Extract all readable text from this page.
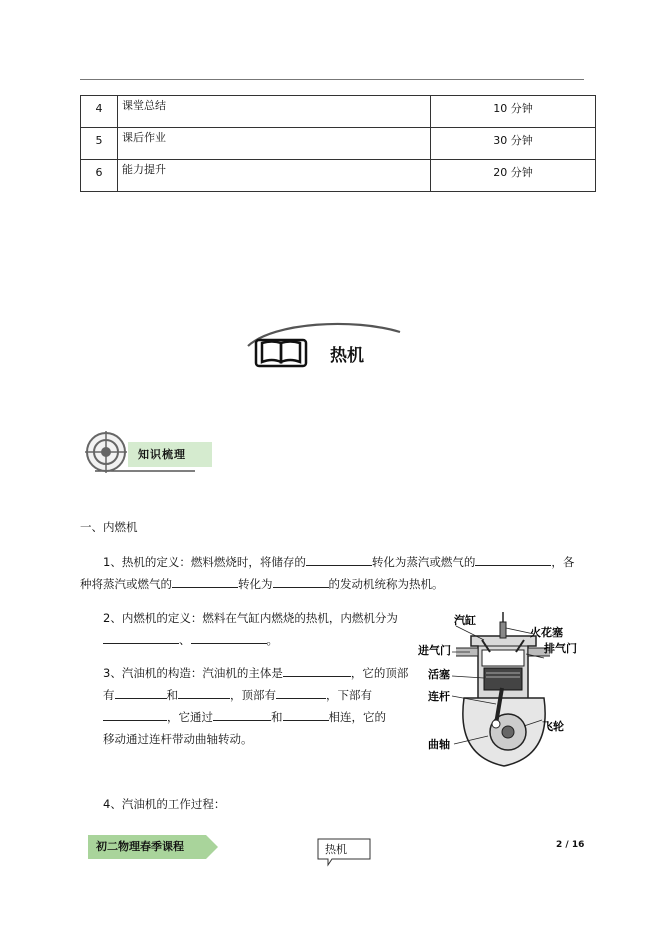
4	课堂总结	10 分钟
5	课后作业	30 分钟
6	能力提升	20 分钟
热机
知识梳理
一、内燃机
1、热机的定义：燃料燃烧时，将储存的	转化为蒸汽或燃气的	，各
种将蒸汽或燃气的	转化为	的发动机统称为热机。
2、内燃机的定义：燃料在气缸内燃烧的热机，内燃机分为
、	。
3、汽油机的构造：汽油机的主体是	，它的顶部
有	和	，顶部有	，下部有
，它通过	和	相连，它的
移动通过连杆带动曲轴转动。
4、汽油机的工作过程：
汽缸
火花塞
进气门	排气门
活塞
连杆
飞轮
曲轴
初二物理春季课程	热机	2 / 16
